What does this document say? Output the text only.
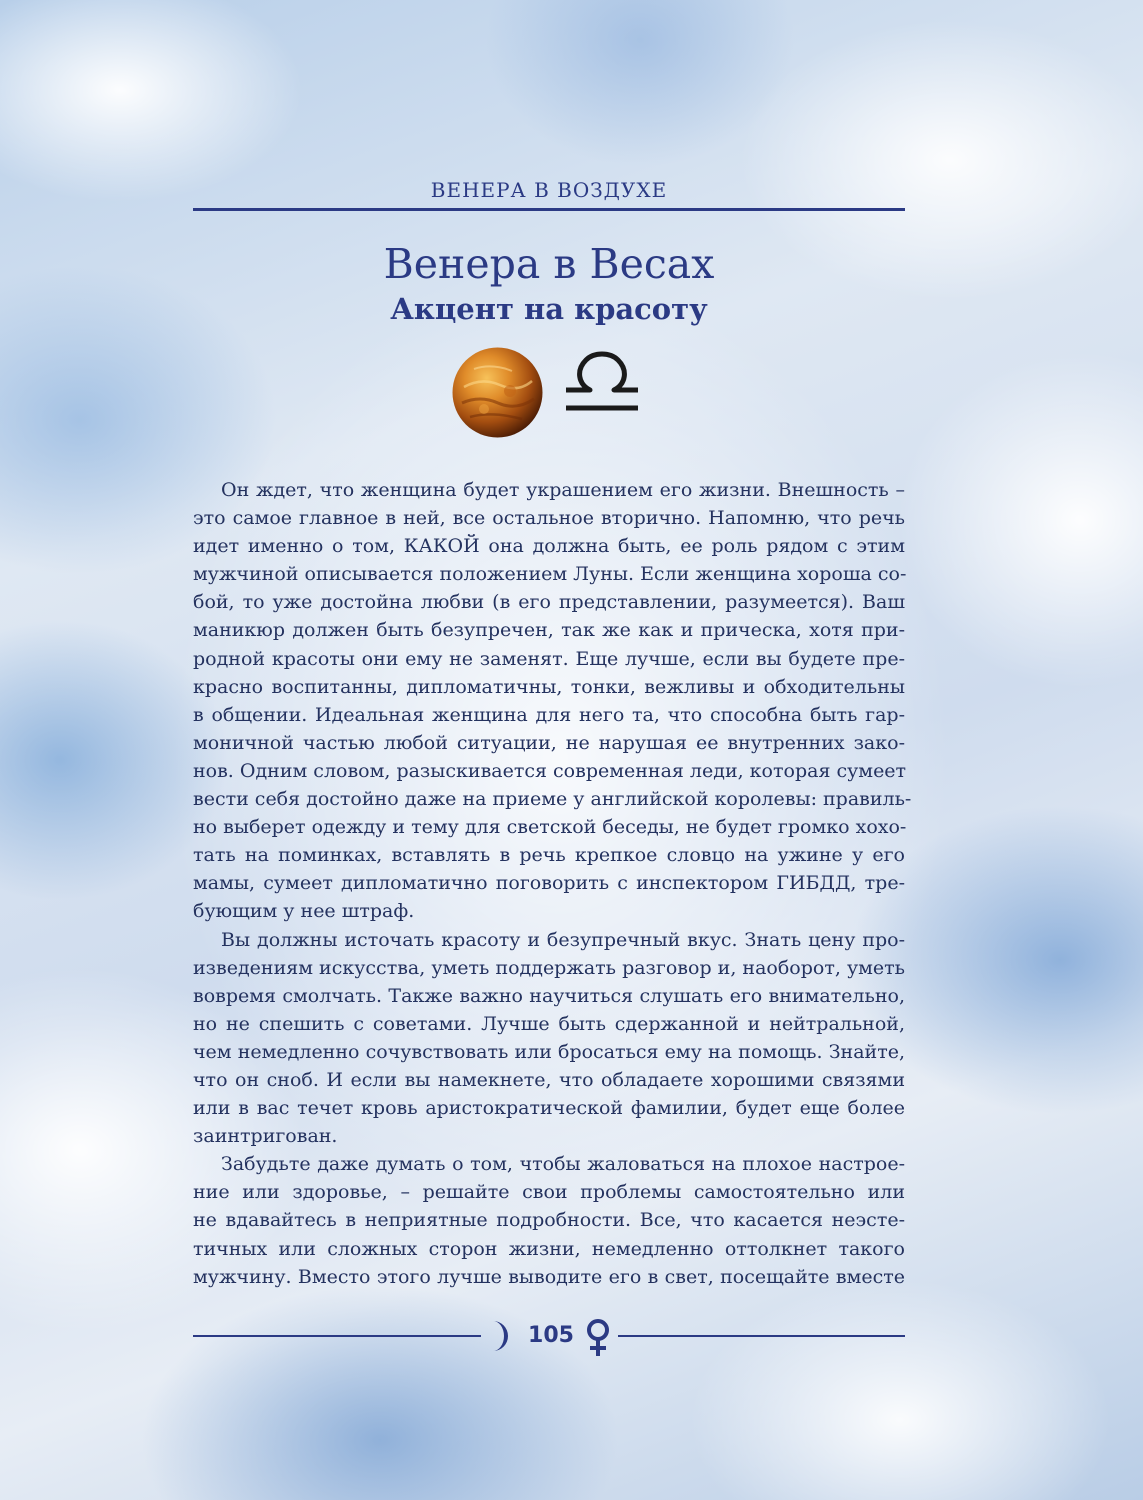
ВЕНЕРА В ВОЗДУХЕ
Венера в Весах
Акцент на красоту
Он ждет, что женщина будет украшением его жизни. Внешность –
это самое главное в ней, все остальное вторично. Напомню, что речь
идет именно о том, КАКОЙ она должна быть, ее роль рядом с этим
мужчиной описывается положением Луны. Если женщина хороша со-
бой, то уже достойна любви (в его представлении, разумеется). Ваш
маникюр должен быть безупречен, так же как и прическа, хотя при-
родной красоты они ему не заменят. Еще лучше, если вы будете пре-
красно воспитанны, дипломатичны, тонки, вежливы и обходительны
в общении. Идеальная женщина для него та, что способна быть гар-
моничной частью любой ситуации, не нарушая ее внутренних зако-
нов. Одним словом, разыскивается современная леди, которая сумеет
вести себя достойно даже на приеме у английской королевы: правиль-
но выберет одежду и тему для светской беседы, не будет громко хохо-
тать на поминках, вставлять в речь крепкое словцо на ужине у его
мамы, сумеет дипломатично поговорить с инспектором ГИБДД, тре-
бующим у нее штраф.
Вы должны источать красоту и безупречный вкус. Знать цену про-
изведениям искусства, уметь поддержать разговор и, наоборот, уметь
вовремя смолчать. Также важно научиться слушать его внимательно,
но не спешить с советами. Лучше быть сдержанной и нейтральной,
чем немедленно сочувствовать или бросаться ему на помощь. Знайте,
что он сноб. И если вы намекнете, что обладаете хорошими связями
или в вас течет кровь аристократической фамилии, будет еще более
заинтригован.
Забудьте даже думать о том, чтобы жаловаться на плохое настрое-
ние или здоровье, – решайте свои проблемы самостоятельно или
не вдавайтесь в неприятные подробности. Все, что касается неэсте-
тичных или сложных сторон жизни, немедленно оттолкнет такого
мужчину. Вместо этого лучше выводите его в свет, посещайте вместе
105
